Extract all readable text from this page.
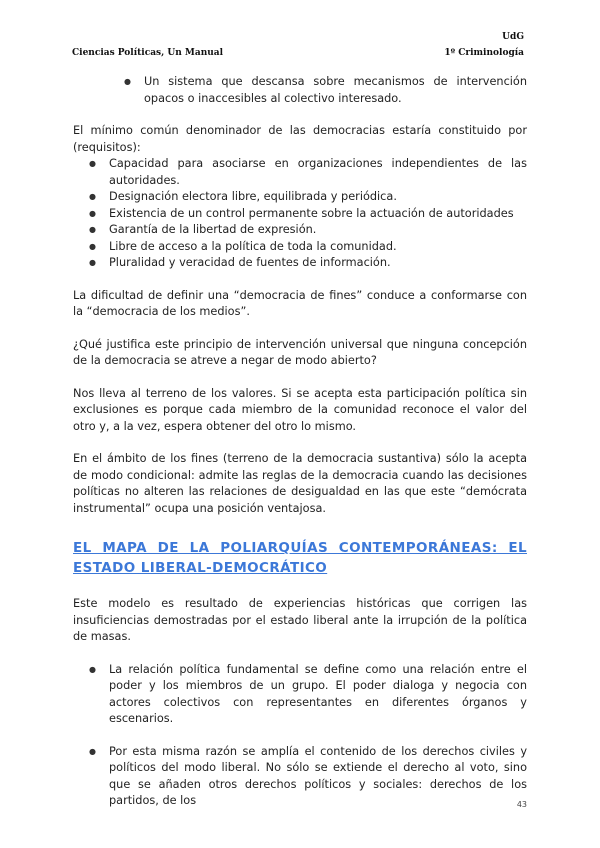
Ciencias Políticas, Un Manual
UdG
1º Criminología
● Un sistema que descansa sobre mecanismos de intervención opacos o inaccesibles al colectivo interesado.

El mínimo común denominador de las democracias estaría constituido por (requisitos):

● Capacidad para asociarse en organizaciones independientes de las autoridades.
● Designación electora libre, equilibrada y periódica.
● Existencia de un control permanente sobre la actuación de autoridades
● Garantía de la libertad de expresión.
● Libre de acceso a la política de toda la comunidad.
● Pluralidad y veracidad de fuentes de información.

La dificultad de definir una “democracia de fines” conduce a conformarse con la “democracia de los medios”.

¿Qué justifica este principio de intervención universal que ninguna concepción de la democracia se atreve a negar de modo abierto?

Nos lleva al terreno de los valores. Si se acepta esta participación política sin exclusiones es porque cada miembro de la comunidad reconoce el valor del otro y, a la vez, espera obtener del otro lo mismo.

En el ámbito de los fines (terreno de la democracia sustantiva) sólo la acepta de modo condicional: admite las reglas de la democracia cuando las decisiones políticas no alteren las relaciones de desigualdad en las que este “demócrata instrumental” ocupa una posición ventajosa.

EL MAPA DE LA POLIARQUÍAS CONTEMPORÁNEAS: EL ESTADO LIBERAL-DEMOCRÁTICO

Este modelo es resultado de experiencias históricas que corrigen las insuficiencias demostradas por el estado liberal ante la irrupción de la política de masas.

● La relación política fundamental se define como una relación entre el poder y los miembros de un grupo. El poder dialoga y negocia con actores colectivos con representantes en diferentes órganos y escenarios.
● Por esta misma razón se amplía el contenido de los derechos civiles y políticos del modo liberal. No sólo se extiende el derecho al voto, sino que se añaden otros derechos políticos y sociales: derechos de los partidos, de los	43
